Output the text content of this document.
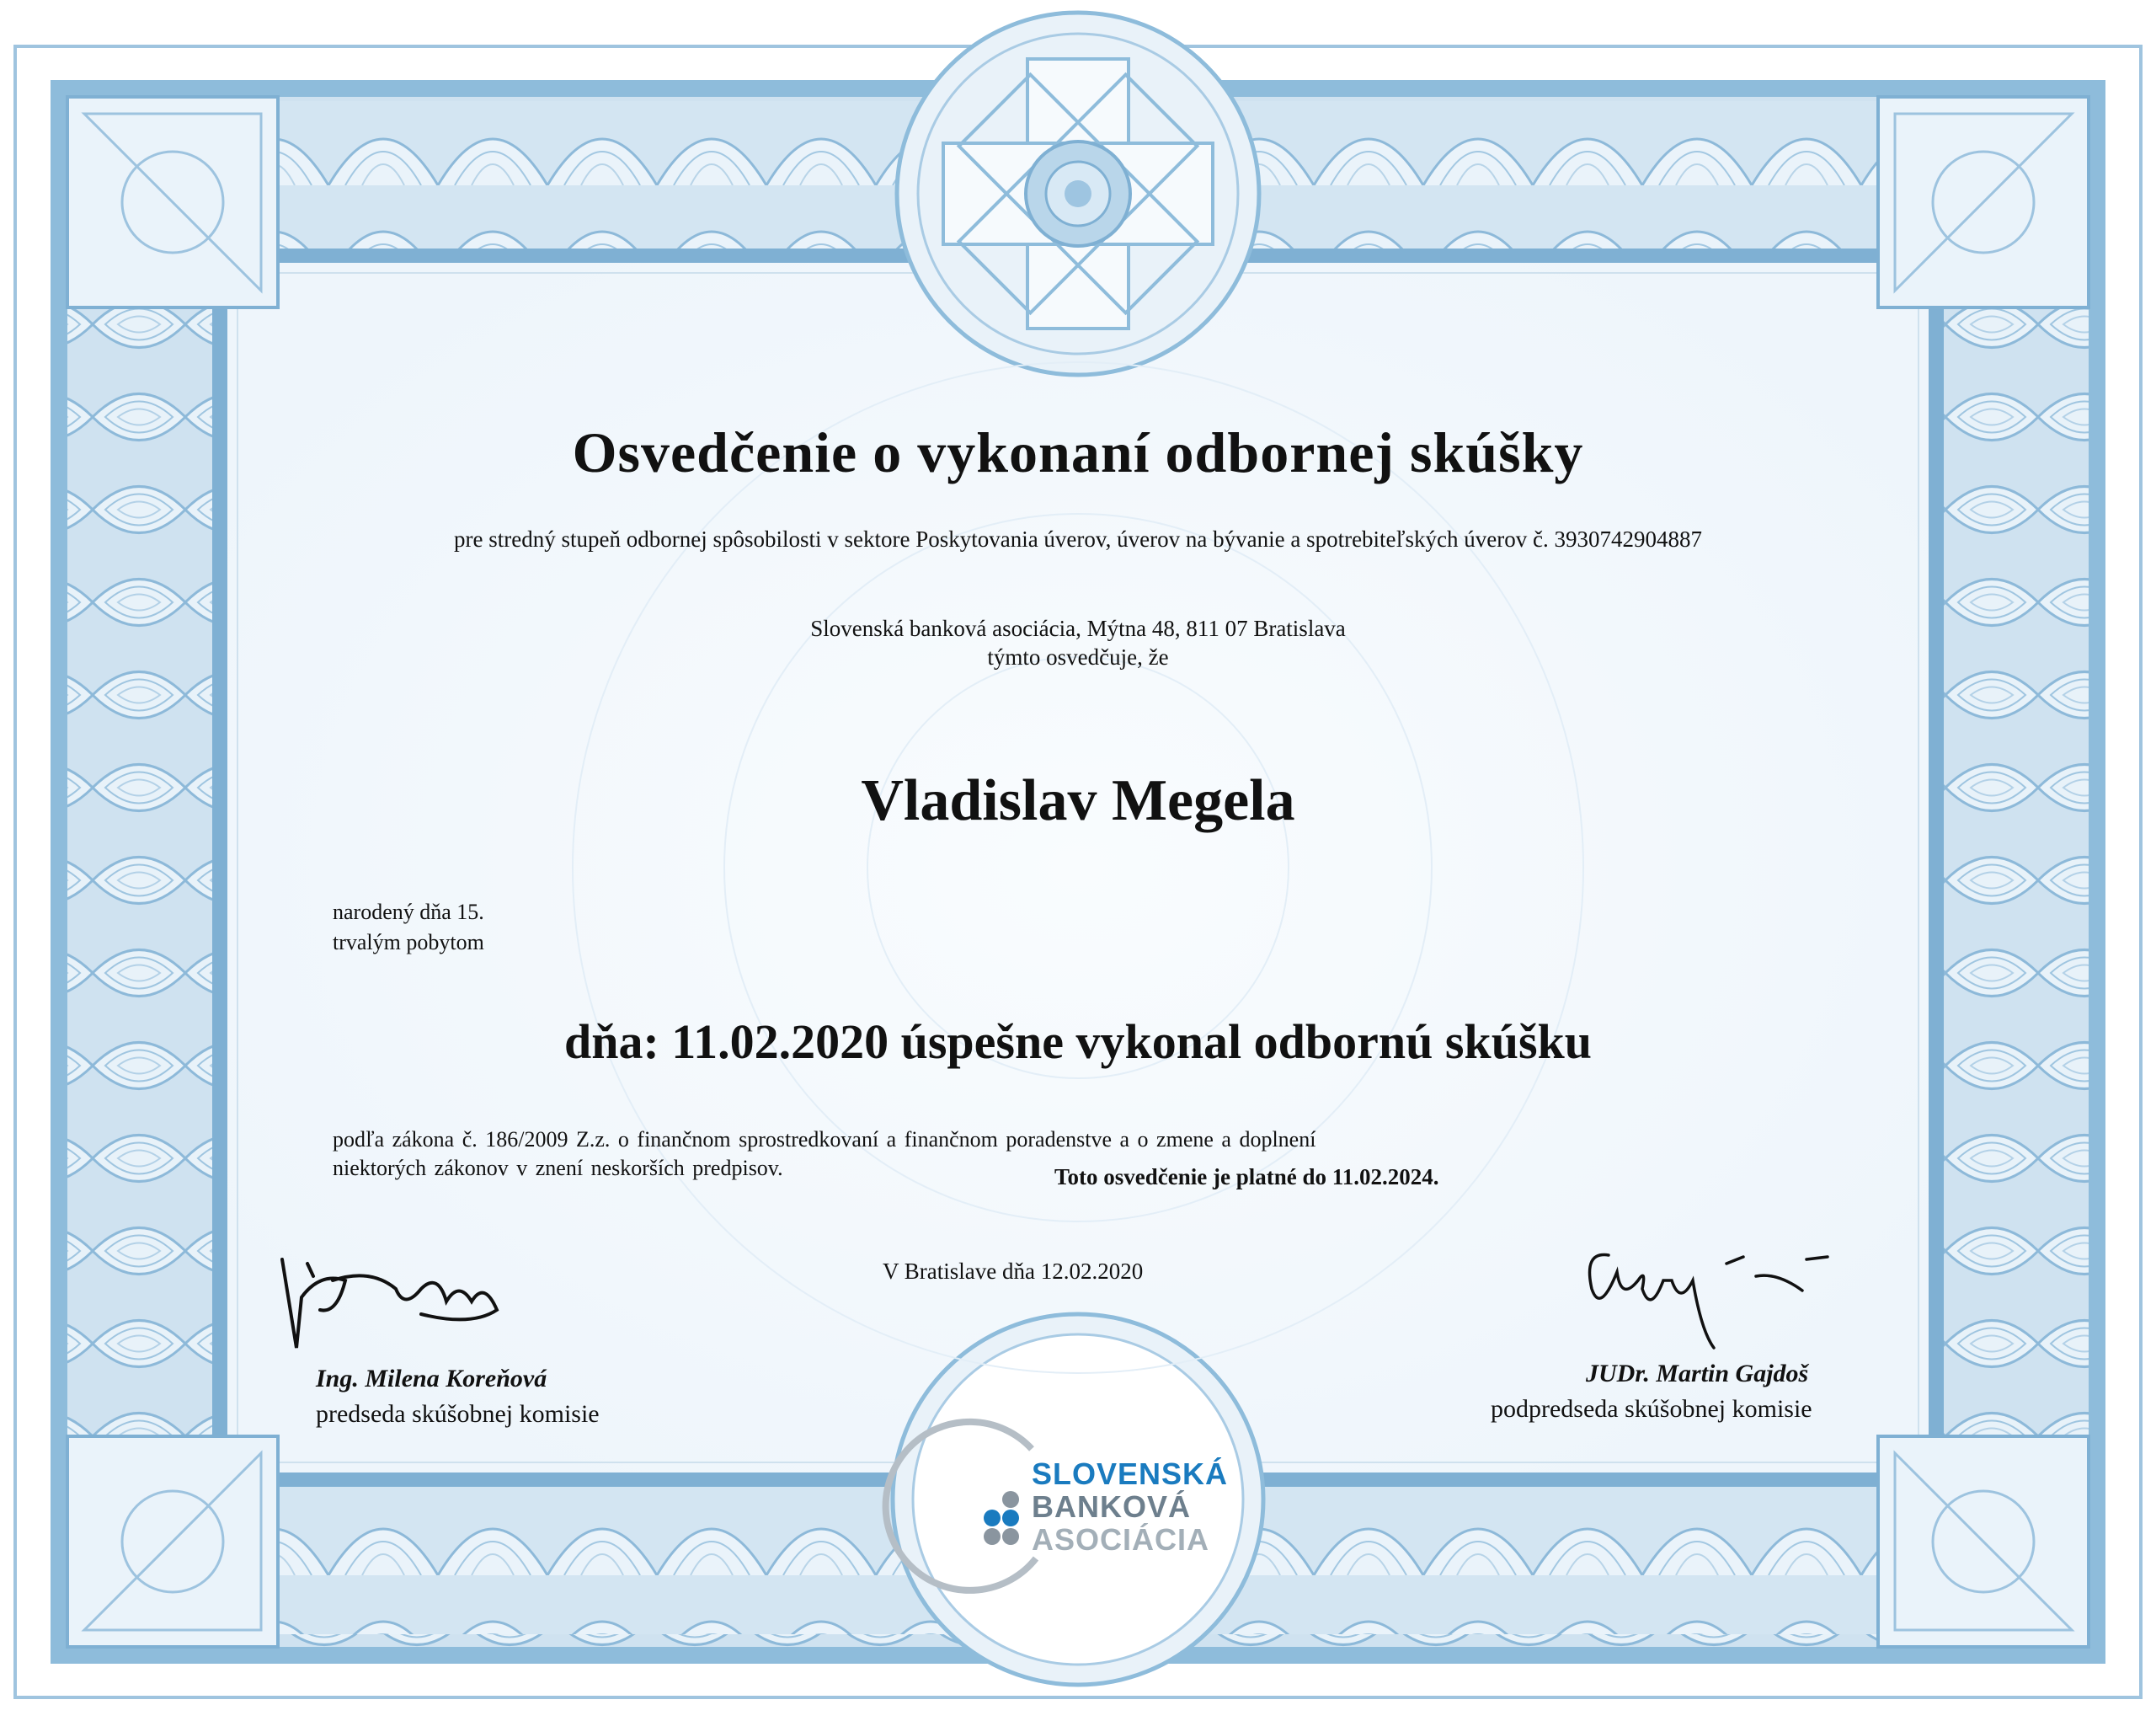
Osvedčenie o vykonaní odbornej skúšky

pre stredný stupeň odbornej spôsobilosti v sektore Poskytovania úverov, úverov na bývanie a spotrebiteľských úverov č. 3930742904887

Slovenská banková asociácia, Mýtna 48, 811 07 Bratislava

týmto osvedčuje, že

Vladislav Megela

narodený dňa 15.

trvalým pobytom

dňa: 11.02.2020 úspešne vykonal odbornú skúšku

podľa zákona č. 186/2009 Z.z. o finančnom sprostredkovaní a finančnom poradenstve a o zmene a doplnení

niektorých zákonov v znení neskorších predpisov.	Toto osvedčenie je platné do 11.02.2024.

V Bratislave dňa 12.02.2020

Ing. Milena Koreňová

predseda skúšobnej komisie

JUDr. Martin Gajdoš

podpredseda skúšobnej komisie

SLOVENSKÁ
BANKOVÁ
ASOCIÁCIA
